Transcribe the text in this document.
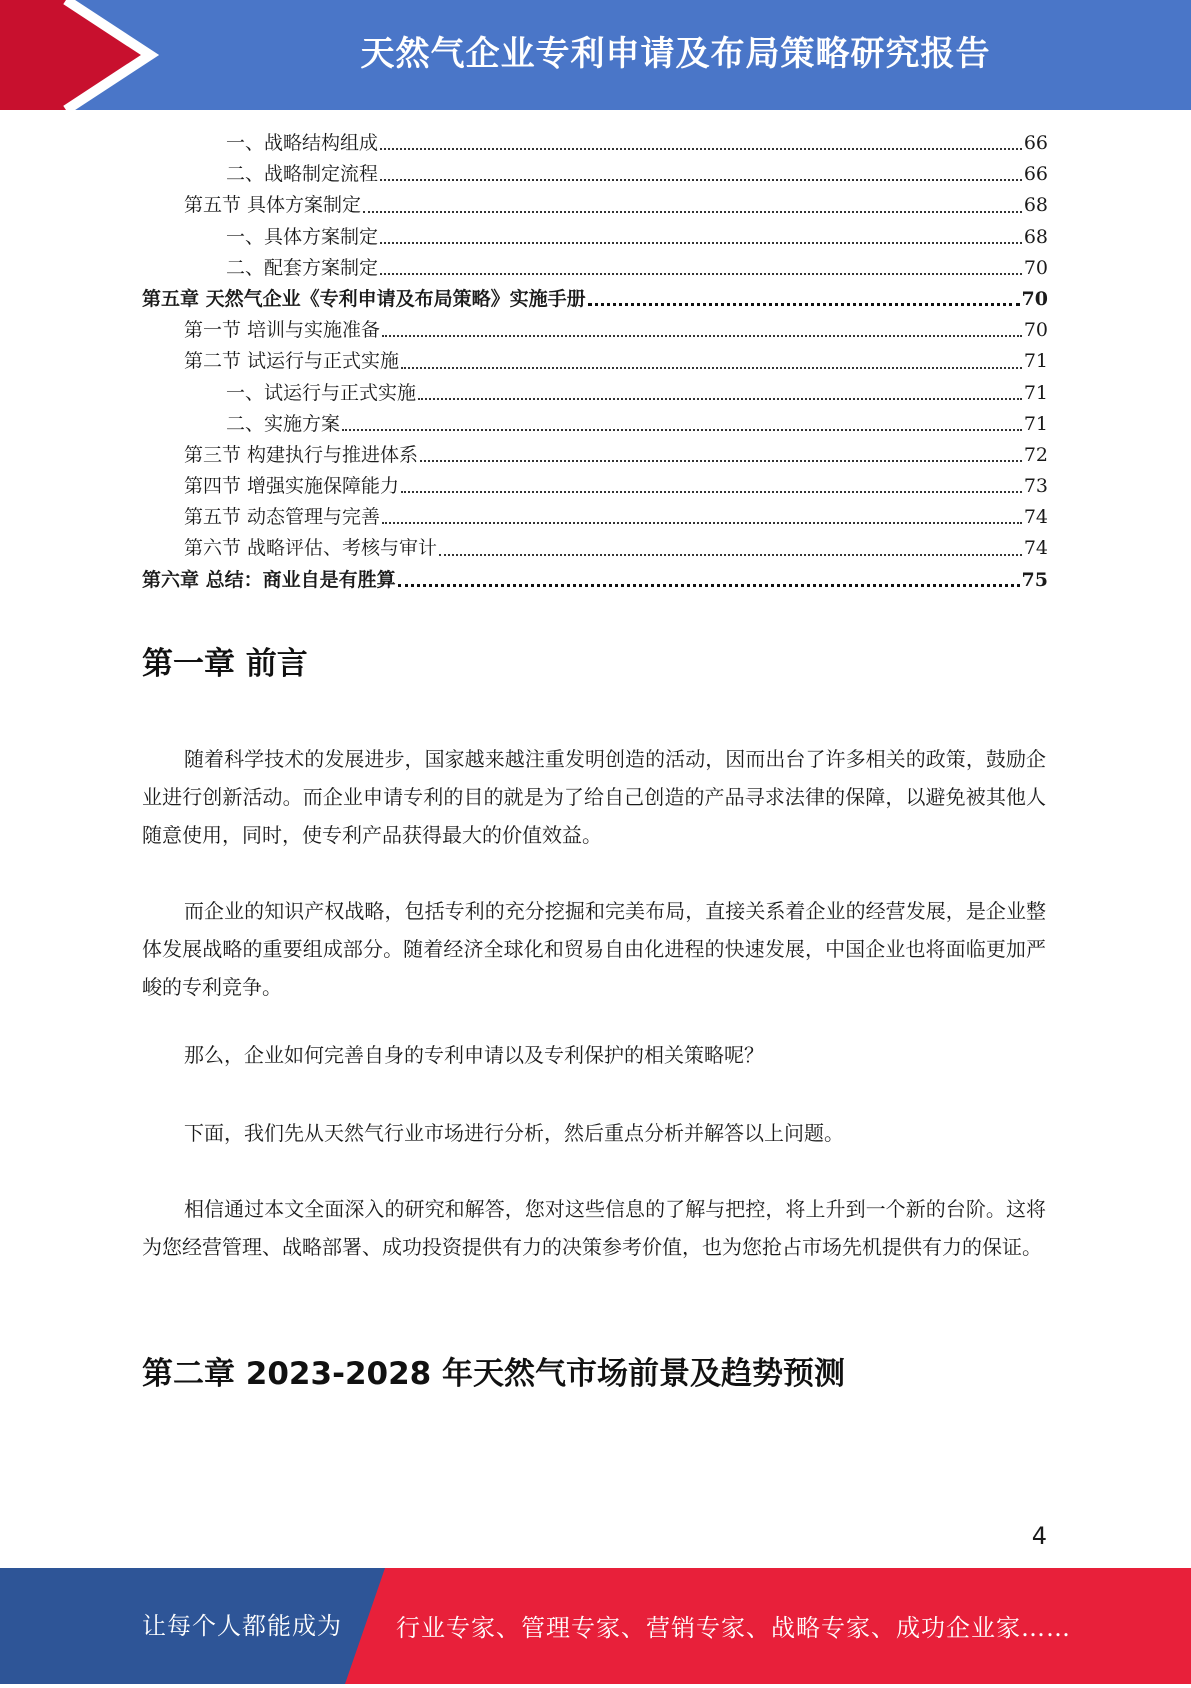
天然气企业专利申请及布局策略研究报告
一、战略结构组成	66
二、战略制定流程	66
第五节 具体方案制定	68
一、具体方案制定	68
二、配套方案制定	70
第五章 天然气企业《专利申请及布局策略》实施手册	70
第一节 培训与实施准备	70
第二节 试运行与正式实施	71
一、试运行与正式实施	71
二、实施方案	71
第三节 构建执行与推进体系	72
第四节 增强实施保障能力	73
第五节 动态管理与完善	74
第六节 战略评估、考核与审计	74
第六章 总结：商业自是有胜算	75
第一章 前言

随着科学技术的发展进步，国家越来越注重发明创造的活动，因而出台了许多相关的政策，鼓励企业进行创新活动。而企业申请专利的目的就是为了给自己创造的产品寻求法律的保障，以避免被其他人随意使用，同时，使专利产品获得最大的价值效益。

而企业的知识产权战略，包括专利的充分挖掘和完美布局，直接关系着企业的经营发展，是企业整体发展战略的重要组成部分。随着经济全球化和贸易自由化进程的快速发展，中国企业也将面临更加严峻的专利竞争。

那么，企业如何完善自身的专利申请以及专利保护的相关策略呢？

下面，我们先从天然气行业市场进行分析，然后重点分析并解答以上问题。

相信通过本文全面深入的研究和解答，您对这些信息的了解与把控，将上升到一个新的台阶。这将为您经营管理、战略部署、成功投资提供有力的决策参考价值，也为您抢占市场先机提供有力的保证。

第二章 2023-2028 年天然气市场前景及趋势预测
4
让每个人都能成为 行业专家、管理专家、营销专家、战略专家、成功企业家……
